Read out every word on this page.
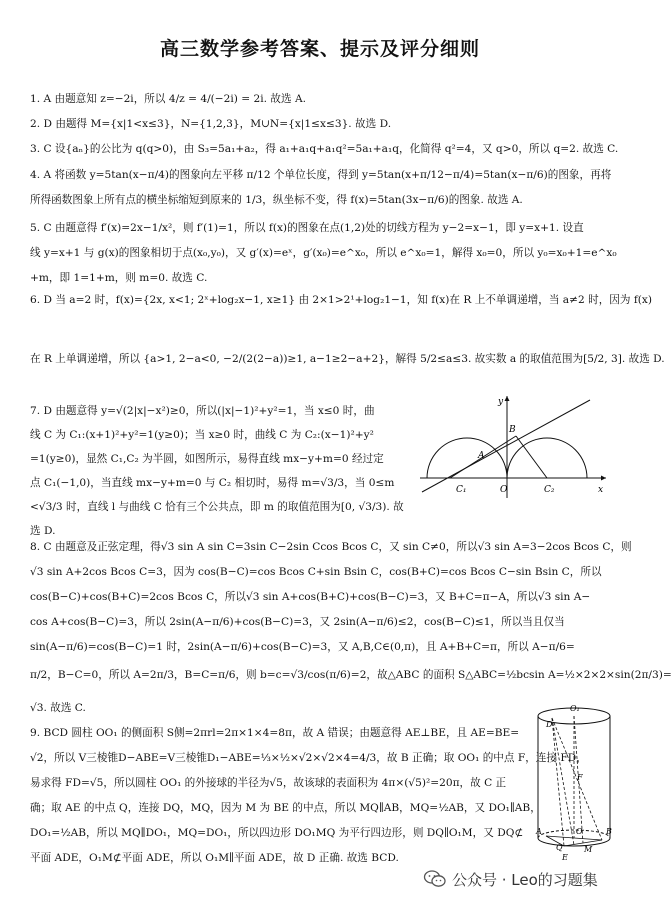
高三数学参考答案、提示及评分细则
1. A 由题意知 z=−2i，所以 4/z = 4/(−2i) = 2i. 故选 A.
2. D 由题得 M={x|1<x≤3}，N={1,2,3}，M∪N={x|1≤x≤3}. 故选 D.
3. C 设{aₙ}的公比为 q(q>0)，由 S₃=5a₁+a₂，得 a₁+a₁q+a₁q²=5a₁+a₁q，化简得 q²=4，又 q>0，所以 q=2. 故选 C.
4. A 将函数 y=5tan(x−π/4)的图象向左平移 π/12 个单位长度，得到 y=5tan(x+π/12−π/4)=5tan(x−π/6)的图象，再将
所得函数图象上所有点的横坐标缩短到原来的 1/3，纵坐标不变，得 f(x)=5tan(3x−π/6)的图象. 故选 A.
5. C 由题意得 f′(x)=2x−1/x²，则 f′(1)=1，所以 f(x)的图象在点(1,2)处的切线方程为 y−2=x−1，即 y=x+1. 设直
线 y=x+1 与 g(x)的图象相切于点(x₀,y₀)，又 g′(x)=eˣ，g′(x₀)=e^x₀，所以 e^x₀=1，解得 x₀=0，所以 y₀=x₀+1=e^x₀
+m，即 1=1+m，则 m=0. 故选 C.
6. D 当 a=2 时，f(x)={2x, x<1; 2ˣ+log₂x−1, x≥1} 由 2×1>2¹+log₂1−1，知 f(x)在 R 上不单调递增，当 a≠2 时，因为 f(x)
在 R 上单调递增，所以 {a>1, 2−a<0, −2/(2(2−a))≥1, a−1≥2−a+2}，解得 5/2≤a≤3. 故实数 a 的取值范围为[5/2, 3]. 故选 D.
7. D 由题意得 y=√(2|x|−x²)≥0，所以(|x|−1)²+y²=1，当 x≤0 时，曲
线 C 为 C₁:(x+1)²+y²=1(y≥0)；当 x≥0 时，曲线 C 为 C₂:(x−1)²+y²
=1(y≥0)，显然 C₁,C₂ 为半圆，如图所示，易得直线 mx−y+m=0 经过定
点 C₁(−1,0)，当直线 mx−y+m=0 与 C₂ 相切时，易得 m=√3/3，当 0≤m
<√3/3 时，直线 l 与曲线 C 恰有三个公共点，即 m 的取值范围为[0, √3/3). 故
选 D.
y
x
O
A
B
C₁	C₂
8. C 由题意及正弦定理，得√3 sin A sin C=3sin C−2sin Ccos Bcos C，又 sin C≠0，所以√3 sin A=3−2cos Bcos C，则
√3 sin A+2cos Bcos C=3，因为 cos(B−C)=cos Bcos C+sin Bsin C，cos(B+C)=cos Bcos C−sin Bsin C，所以
cos(B−C)+cos(B+C)=2cos Bcos C，所以√3 sin A+cos(B+C)+cos(B−C)=3，又 B+C=π−A，所以√3 sin A−
cos A+cos(B−C)=3，所以 2sin(A−π/6)+cos(B−C)=3，又 2sin(A−π/6)≤2，cos(B−C)≤1，所以当且仅当
sin(A−π/6)=cos(B−C)=1 时，2sin(A−π/6)+cos(B−C)=3，又 A,B,C∈(0,π)，且 A+B+C=π，所以 A−π/6=
π/2，B−C=0，所以 A=2π/3，B=C=π/6，则 b=c=√3/cos(π/6)=2，故△ABC 的面积 S△ABC=½bcsin A=½×2×2×sin(2π/3)=
√3. 故选 C.
9. BCD 圆柱 OO₁ 的侧面积 S侧=2πrl=2π×1×4=8π，故 A 错误；由题意得 AE⊥BE，且 AE=BE=
√2，所以 V三棱锥D−ABE=V三棱锥D₁−ABE=⅓×½×√2×√2×4=4/3，故 B 正确；取 OO₁ 的中点 F，连接 FD，
易求得 FD=√5，所以圆柱 OO₁ 的外接球的半径为√5，故该球的表面积为 4π×(√5)²=20π，故 C 正
确；取 AE 的中点 Q，连接 DQ，MQ，因为 M 为 BE 的中点，所以 MQ∥AB，MQ=½AB，又 DO₁∥AB，
DO₁=½AB，所以 MQ∥DO₁，MQ=DO₁，所以四边形 DO₁MQ 为平行四边形，则 DQ∥O₁M，又 DQ⊄
平面 ADE，O₁M⊄平面 ADE，所以 O₁M∥平面 ADE，故 D 正确. 故选 BCD.
O₁
D
F
A	O	B
Q	M
E
公众号 · Leo的习题集
